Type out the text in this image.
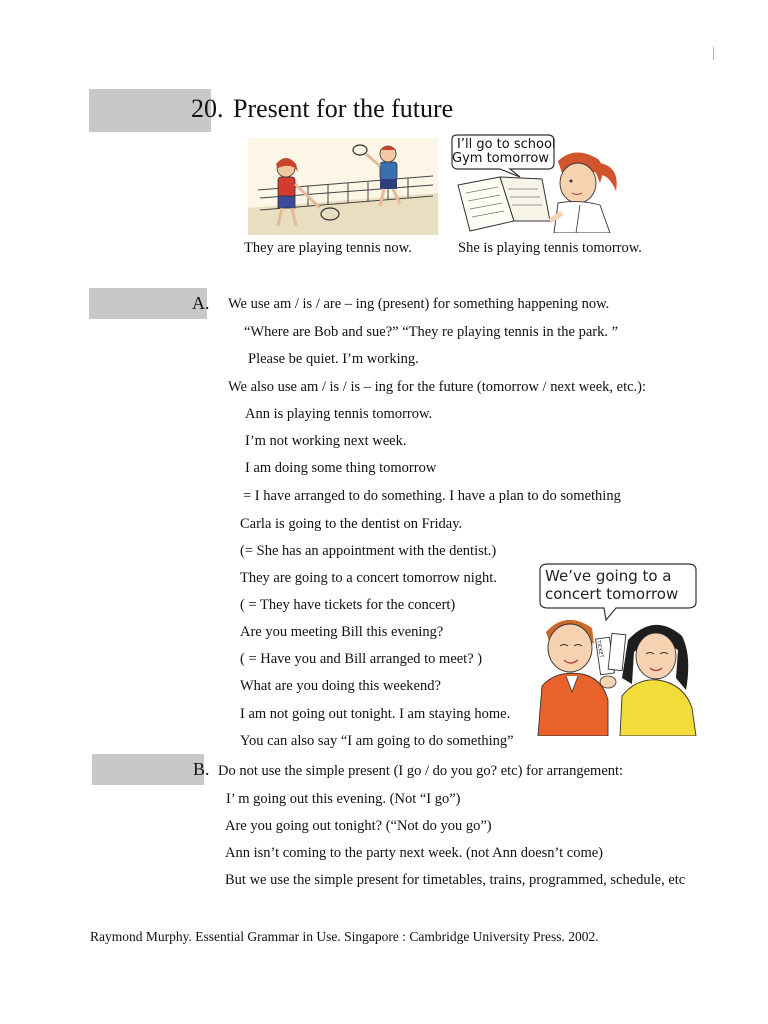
|
20. Present for the future
I’ll go to school
Gym tomorrow
They are playing tennis now.	She is playing tennis tomorrow.
A. We use am / is / are – ing (present) for something happening now.
“Where are Bob and sue?” “They re playing tennis in the park. ”
Please be quiet. I’m working.
We also use am / is / is – ing for the future (tomorrow / next week, etc.):
Ann is playing tennis tomorrow.
I’m not working next week.
I am doing some thing tomorrow
= I have arranged to do something. I have a plan to do something
Carla is going to the dentist on Friday.
(= She has an appointment with the dentist.)
They are going to a concert tomorrow night.
( = They have tickets for the concert)
Are you meeting Bill this evening?
( = Have you and Bill arranged to meet? )
What are you doing this weekend?
I am not going out tonight. I am staying home.
You can also say “I am going to do something”
We’ve going to a
concert tomorrow
TICKET
B. Do not use the simple present (I go / do you go? etc) for arrangement:
I’ m going out this evening. (Not “I go”)
Are you going out tonight? (“Not do you go”)
Ann isn’t coming to the party next week. (not Ann doesn’t come)
But we use the simple present for timetables, trains, programmed, schedule, etc
Raymond Murphy. Essential Grammar in Use. Singapore : Cambridge University Press. 2002.
